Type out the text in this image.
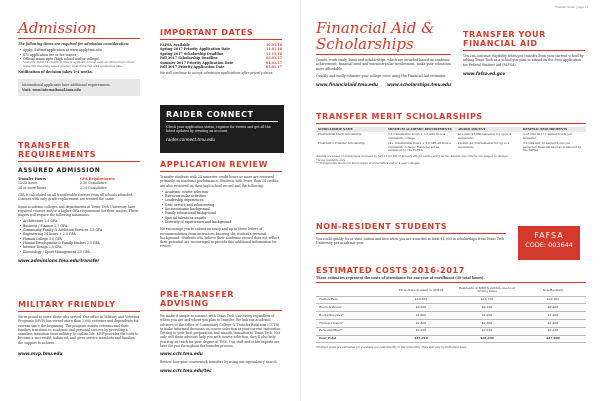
Admission
The following items are required for admission consideration:
• Apply: Submit application at www.apply.tmu.edu
• $75 application fee or fee waiver
• Official transcripts (high school and/or college)
Students under 24 credits at time of application must send an official high school transcript including senior grades / final transcript with graduation date.
Notification of decision takes 2-4 weeks.
International applicants have additional requirements.
Visit: www.international.tmu.edu
TRANSFER REQUIREMENTS
ASSURED ADMISSION
Transfer Hours	GPA Requirements
12-23 hours	2.50 Cumulative
24 or more hours	2.25 Cumulative
GPA is calculated on all transferable courses from all schools attended. Courses with only grade replacement are treated the same.
Some academic colleges and departments at Texas Tech University have required courses and/or a higher GPA requirement for their majors. These majors will require the following minimums:
• Architecture 2.5 GPA
• Business / Finance 2.7 GPA
• Community Family & Addiction Services 2.5 GPA
• Engineering 24 hours + 2.5 GPA
• Human College 3.0 GPA
• Human Development & Family Studies 2.5 GPA
• Interior Design 2.5 GPA
• Kinesiology / Sport Management 2.5 GPA
www.admissions.tmu.edu/transfer
MILITARY FRIENDLY
We're proud to serve those who served. Our office in Military and Veterans Programs (MVP) has served more than 2,000 veterans and dependents for veteran since the beginning. The program assists veterans and their families transition to academic and personal success by providing a seamless transition from military to civilian life. MVP provides the tools to become a successful, balanced, and gives service members and families the support to achieve.
www.mvp.tmu.edu
IMPORTANT DATES
FAFSA Available	10.01.16
Spring 2017 Priority Application Date	11.01.16
Spring 2017 Scholarship Deadline	11.15.16
Fall 2017 Scholarship Deadline	03.01.17
Summer 2017 Priority Application Date	04.01.17
Fall 2017 Priority Application Date	05.01.17
We will continue to accept admission applications after priority dates.
RAIDER CONNECT
Check your application status, register for events and get all the latest updates by creating an account.
raider.connect.tmu.edu
APPLICATION REVIEW
Transfer students with 24 semester credit hours or more are reviewed primarily on academic performance. Students with fewer than 24 credits are also reviewed on their high school record and the following:
• Academic course selection
• Extracurricular activities
• Leadership experiences
• Civic service and volunteering
• Socioeconomic background
• Family educational background
• Special talents or awards
• Diversity of experiences and background
We encourage you to submit an essay and up to three letters of recommendation from instructors knowing the student's personal background. Students who believe their academic record does not reflect their potential are encouraged to provide this additional information for review.
PRE-TRANSFER ADVISING
We make it simple to connect with Texas Tech University regardless of where you are and where you plan to transfer. We link our academic advisors to the Office of Community College & Transfer Relations (CCTR) to make informed decisions on course selection at your current institution. Getting to your best preparation and smooth transition to Texas Tech. Not only will these advisors help you with course selection, they'll also help you stay on track for your degree at TMU. Our staff and other experts are here for you throughout the transfer process.
www.cctr.tmu.edu
Review how your coursework transfers by using our equivalency search.
www.cctr.tmu.edu/tec
Transfer Guide | page 13
Financial Aid &
Scholarships
Grants, work study, loans and scholarships, which are awarded based on academic achievement, financial need and extracurricular involvement, make your education more affordable.
Quickly and easily estimate your college costs using the Financial Aid estimator.
www.financialaid.tmu.edu www.scholarships.tmu.edu
TRANSFER YOUR
FINANCIAL AID
You can continue eligibility when you transfer from your current school by adding Texas Tech as a school you plan to attend on the Free Application for Federal Student Aid (FAFSA).
www.fafsa.ed.gov
TRANSFER MERIT SCHOLARSHIPS
SCHOLARSHIP NAME	MINIMUM ACADEMIC REQUIREMENTS	AWARD AMOUNT	RENEWAL REQUIREMENTS
Presidential Merit Scholarship	3.5 transferable hours + 3.5 GPA from a community college	$12,000 ($3,000/semester for up to 4 semesters)	3.25 GPA and 12 earned hours per semester
President's Transfer Scholarship	24+ transferable hours + 3.0 GPA all from a community college; Financial aid as evidenced by the FAFSA	$9,000 ($2,250/semester for up to 4 semesters)	3.0 GPA and 12 earned hours per semester; financial need as evidenced by the FAFSA
Awards are based on transcripts received by July 15 for fall or January 4th for spring entry terms. Awards and criteria are subject to change.
*Texas residents only
** Transferable hours are hours taken at universities and/or 4-year colleges.
NON-RESIDENT STUDENTS
You could qualify for in-state tuition and fees when you are awarded at least $1,000 in scholarships from Texas Tech University per academic year.
FAFSA
CODE: 003644
ESTIMATED COSTS 2016-2017
These estimates represent the costs of attendance for one year of enrollment (30 total hours).
	TX in-State Student in MMTX	Residents of MMTX (within one-hour driving time)	Non-Resident
Tuition/Fees	$10,322	$15,122	$22,962
Room & Board	$9,206	$9,196	$9,206
Books/Supplies*	$1,200	$1,200	$1,200
Transportation*	$2,306	$2,306	$2,306
Personal/Misc*	$2,226	$2,226	$2,226
Your Total	$25,010	$26,030	$37,900
*Indirect costs are estimates for expenses not paid directly to the university. They will vary by individual need.
